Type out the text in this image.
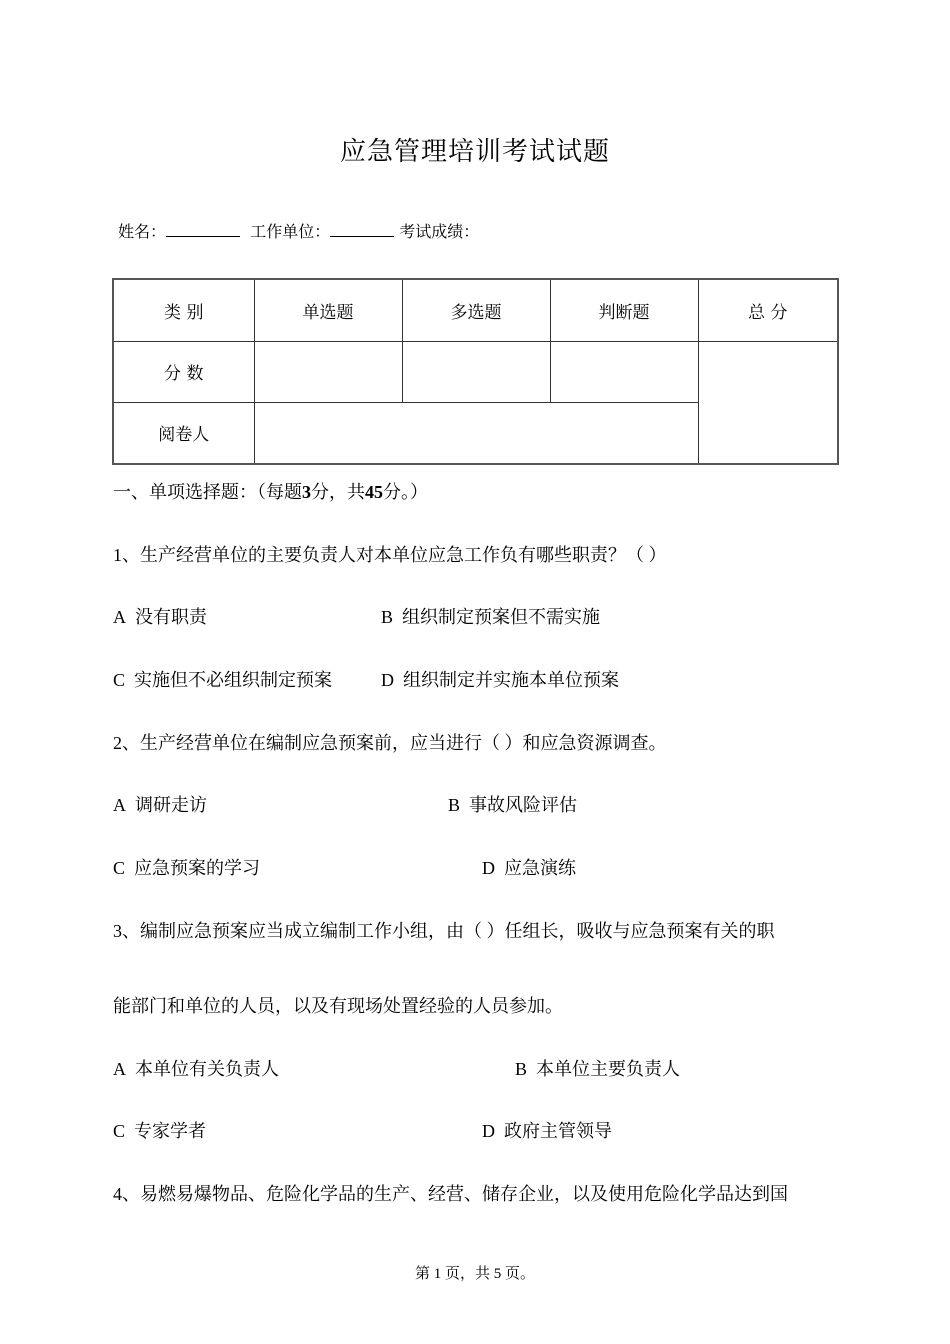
应急管理培训考试试题
姓名：	工作单位：	考试成绩：
类 别	单选题	多选题	判断题	总 分
分 数				
阅卷人				
一、单项选择题：（每题3分，共45分。）
1、生产经营单位的主要负责人对本单位应急工作负有哪些职责？（ ）
A 没有职责	B 组织制定预案但不需实施
C 实施但不必组织制定预案	D 组织制定并实施本单位预案
2、生产经营单位在编制应急预案前，应当进行（ ）和应急资源调查。
A 调研走访	B 事故风险评估
C 应急预案的学习	D 应急演练
3、编制应急预案应当成立编制工作小组，由（ ）任组长，吸收与应急预案有关的职
能部门和单位的人员，以及有现场处置经验的人员参加。
A 本单位有关负责人	B 本单位主要负责人
C 专家学者	D 政府主管领导
4、易燃易爆物品、危险化学品的生产、经营、储存企业，以及使用危险化学品达到国
第 1 页，共 5 页。
